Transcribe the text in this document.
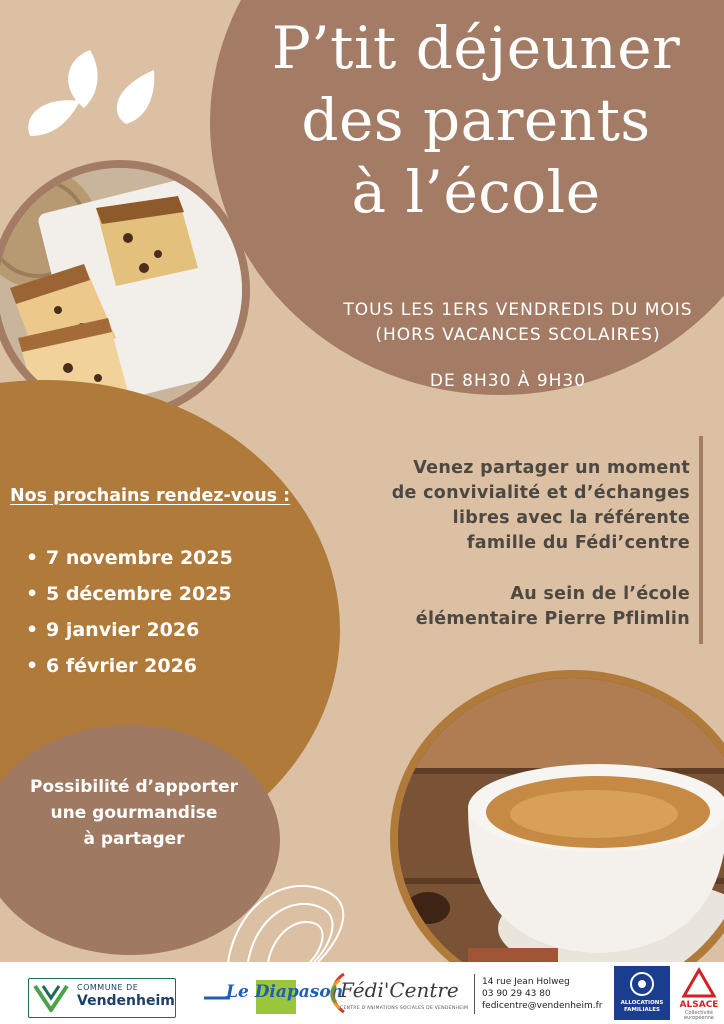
P’tit déjeuner
des parents
à l’école
TOUS LES 1ERS VENDREDIS DU MOIS
(HORS VACANCES SCOLAIRES)
DE 8H30 À 9H30
Nos prochains rendez-vous :
• 7 novembre 2025
• 5 décembre 2025
• 9 janvier 2026
• 6 février 2026

Venez partager un moment
de convivialité et d’échanges
libres avec la référente
famille du Fédi’centre

Au sein de l’école
élémentaire Pierre Pflimlin

Possibilité d’apporter
une gourmandise
à partager
COMMUNE DE
Vendenheim	Le Diapason
Fédi'Centre
CENTRE D'ANIMATIONS SOCIALES DE VENDENHEIM
14 rue Jean Holweg
03 90 29 43 80
fedicentre@vendenheim.fr	ALLOCATIONS
FAMILIALES	ALSACE
Collectivité
européenne
